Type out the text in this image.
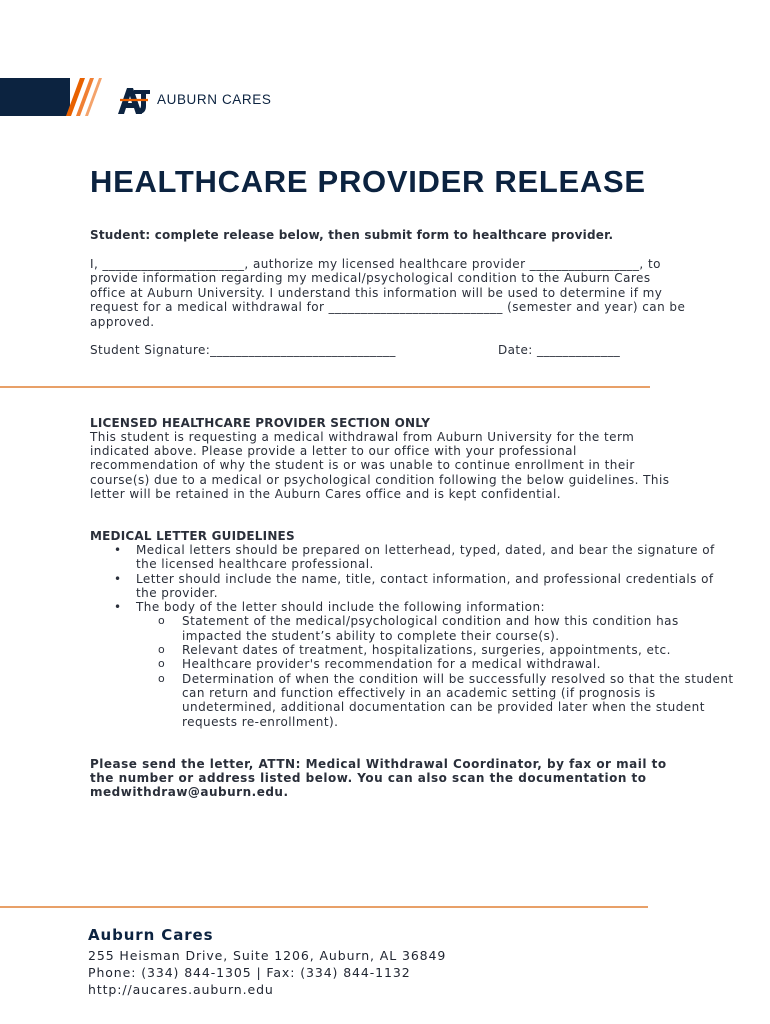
AUBURN CARES
HEALTHCARE PROVIDER RELEASE
Student: complete release below, then submit form to healthcare provider.
I, ______________________, authorize my licensed healthcare provider _________________, to provide information regarding my medical/psychological condition to the Auburn Cares office at Auburn University. I understand this information will be used to determine if my request for a medical withdrawal for ___________________________ (semester and year) can be approved.
Student Signature:_____________________________	Date: _____________
LICENSED HEALTHCARE PROVIDER SECTION ONLY
This student is requesting a medical withdrawal from Auburn University for the term indicated above. Please provide a letter to our office with your professional recommendation of why the student is or was unable to continue enrollment in their course(s) due to a medical or psychological condition following the below guidelines. This letter will be retained in the Auburn Cares office and is kept confidential.
MEDICAL LETTER GUIDELINES
• Medical letters should be prepared on letterhead, typed, dated, and bear the signature of the licensed healthcare professional.
• Letter should include the name, title, contact information, and professional credentials of the provider.
• The body of the letter should include the following information:
o Statement of the medical/psychological condition and how this condition has impacted the student’s ability to complete their course(s).
o Relevant dates of treatment, hospitalizations, surgeries, appointments, etc.
o Healthcare provider's recommendation for a medical withdrawal.
o Determination of when the condition will be successfully resolved so that the student can return and function effectively in an academic setting (if prognosis is undetermined, additional documentation can be provided later when the student requests re-enrollment).
Please send the letter, ATTN: Medical Withdrawal Coordinator, by fax or mail to the number or address listed below. You can also scan the documentation to medwithdraw@auburn.edu.
Auburn Cares
255 Heisman Drive, Suite 1206, Auburn, AL 36849
Phone: (334) 844-1305 | Fax: (334) 844-1132
http://aucares.auburn.edu
